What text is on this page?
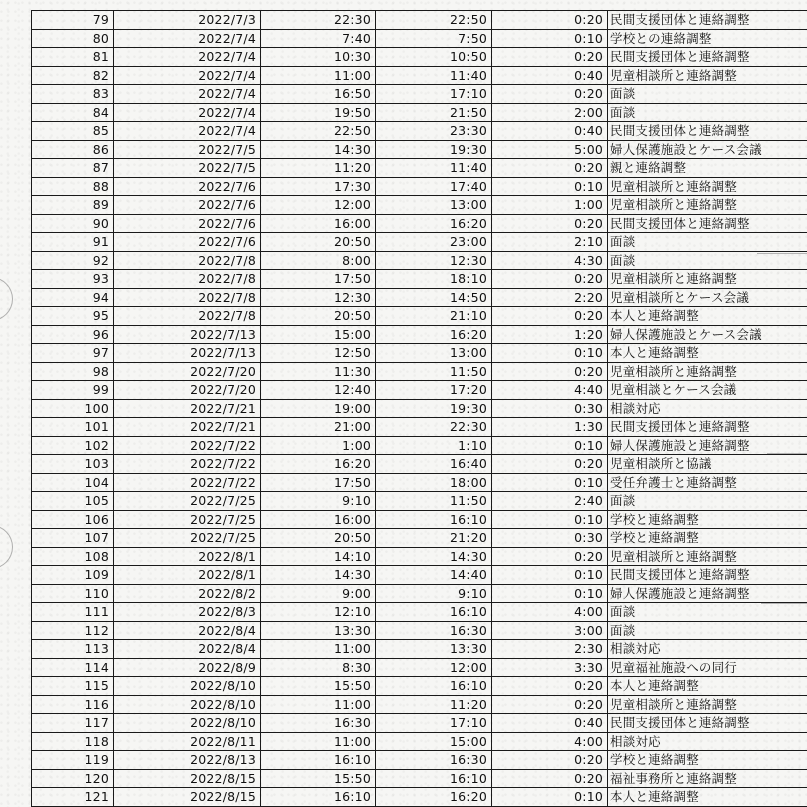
79	2022/7/3	22:30	22:50	0:20	民間支援団体と連絡調整
80	2022/7/4	7:40	7:50	0:10	学校との連絡調整
81	2022/7/4	10:30	10:50	0:20	民間支援団体と連絡調整
82	2022/7/4	11:00	11:40	0:40	児童相談所と連絡調整
83	2022/7/4	16:50	17:10	0:20	面談
84	2022/7/4	19:50	21:50	2:00	面談
85	2022/7/4	22:50	23:30	0:40	民間支援団体と連絡調整
86	2022/7/5	14:30	19:30	5:00	婦人保護施設とケース会議
87	2022/7/5	11:20	11:40	0:20	親と連絡調整
88	2022/7/6	17:30	17:40	0:10	児童相談所と連絡調整
89	2022/7/6	12:00	13:00	1:00	児童相談所と連絡調整
90	2022/7/6	16:00	16:20	0:20	民間支援団体と連絡調整
91	2022/7/6	20:50	23:00	2:10	面談
92	2022/7/8	8:00	12:30	4:30	面談
93	2022/7/8	17:50	18:10	0:20	児童相談所と連絡調整
94	2022/7/8	12:30	14:50	2:20	児童相談所とケース会議
95	2022/7/8	20:50	21:10	0:20	本人と連絡調整
96	2022/7/13	15:00	16:20	1:20	婦人保護施設とケース会議
97	2022/7/13	12:50	13:00	0:10	本人と連絡調整
98	2022/7/20	11:30	11:50	0:20	児童相談所と連絡調整
99	2022/7/20	12:40	17:20	4:40	児童相談とケース会議
100	2022/7/21	19:00	19:30	0:30	相談対応
101	2022/7/21	21:00	22:30	1:30	民間支援団体と連絡調整
102	2022/7/22	1:00	1:10	0:10	婦人保護施設と連絡調整
103	2022/7/22	16:20	16:40	0:20	児童相談所と協議
104	2022/7/22	17:50	18:00	0:10	受任弁護士と連絡調整
105	2022/7/25	9:10	11:50	2:40	面談
106	2022/7/25	16:00	16:10	0:10	学校と連絡調整
107	2022/7/25	20:50	21:20	0:30	学校と連絡調整
108	2022/8/1	14:10	14:30	0:20	児童相談所と連絡調整
109	2022/8/1	14:30	14:40	0:10	民間支援団体と連絡調整
110	2022/8/2	9:00	9:10	0:10	婦人保護施設と連絡調整
111	2022/8/3	12:10	16:10	4:00	面談
112	2022/8/4	13:30	16:30	3:00	面談
113	2022/8/4	11:00	13:30	2:30	相談対応
114	2022/8/9	8:30	12:00	3:30	児童福祉施設への同行
115	2022/8/10	15:50	16:10	0:20	本人と連絡調整
116	2022/8/10	11:00	11:20	0:20	児童相談所と連絡調整
117	2022/8/10	16:30	17:10	0:40	民間支援団体と連絡調整
118	2022/8/11	11:00	15:00	4:00	相談対応
119	2022/8/13	16:10	16:30	0:20	学校と連絡調整
120	2022/8/15	15:50	16:10	0:20	福祉事務所と連絡調整
121	2022/8/15	16:10	16:20	0:10	本人と連絡調整
